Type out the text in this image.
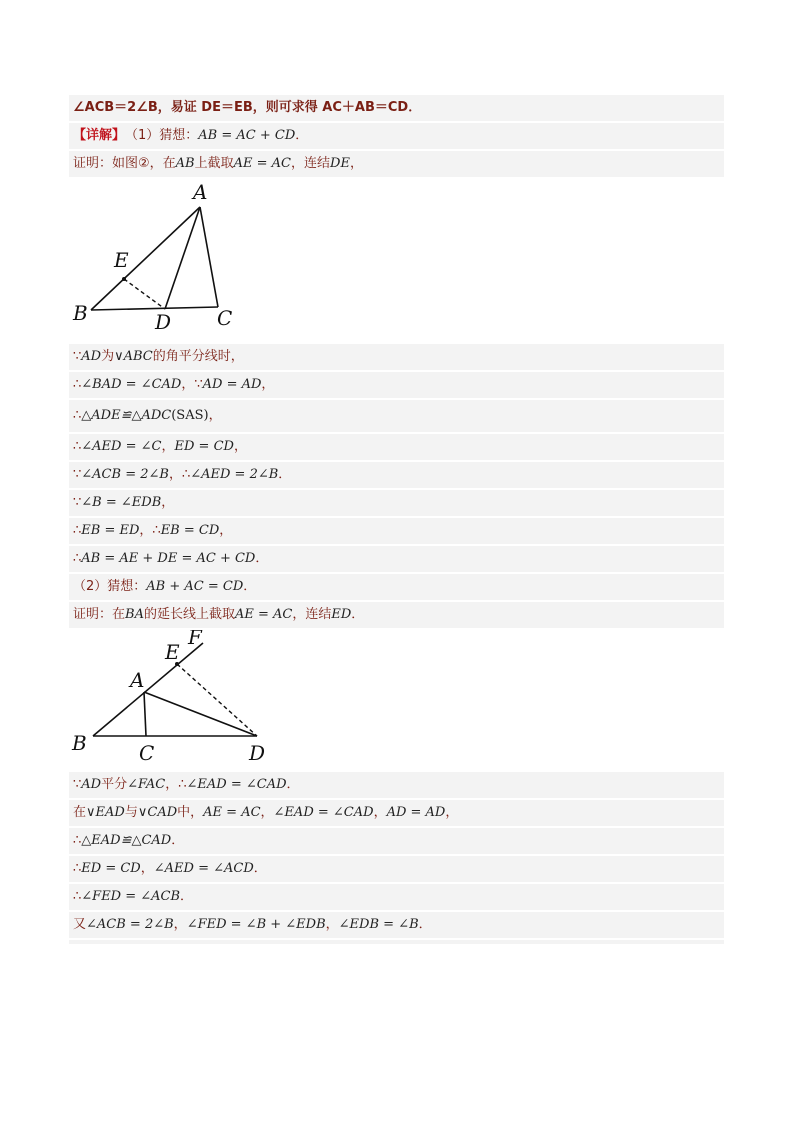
∠ACB＝2∠B，易证 DE＝EB，则可求得 AC＋AB＝CD．
【详解】 （1）猜想： AB = AC + CD ．
证明：如图②，在 AB 上截取 AE = AC ，连结 DE ，
A
B	C
D
E
∵ AD 为 ∨ABC 的角平分线时，
∴ ∠BAD = ∠CAD ，∵ AD = AD ，
∴ △ADE≌△ADC (SAS) ，
∴ ∠AED = ∠C ， ED = CD ，
∵ ∠ACB = 2∠B ，∴ ∠AED = 2∠B ．
∵ ∠B = ∠EDB ，
∴ EB = ED ，∴ EB = CD ，
∴ AB = AE + DE = AC + CD ．
（2）猜想： AB + AC = CD ．
证明：在 BA 的延长线上截取 AE = AC ，连结 ED ．
A
B	C	D
E
F
∵ AD 平分 ∠FAC ，∴ ∠EAD = ∠CAD ．
在 ∨EAD 与 ∨CAD 中， AE = AC ， ∠EAD = ∠CAD ， AD = AD ，
∴ △EAD≌△CAD ．
∴ ED = CD ， ∠AED = ∠ACD ．
∴ ∠FED = ∠ACB ．
又 ∠ACB = 2∠B ， ∠FED = ∠B + ∠EDB ， ∠EDB = ∠B ．
